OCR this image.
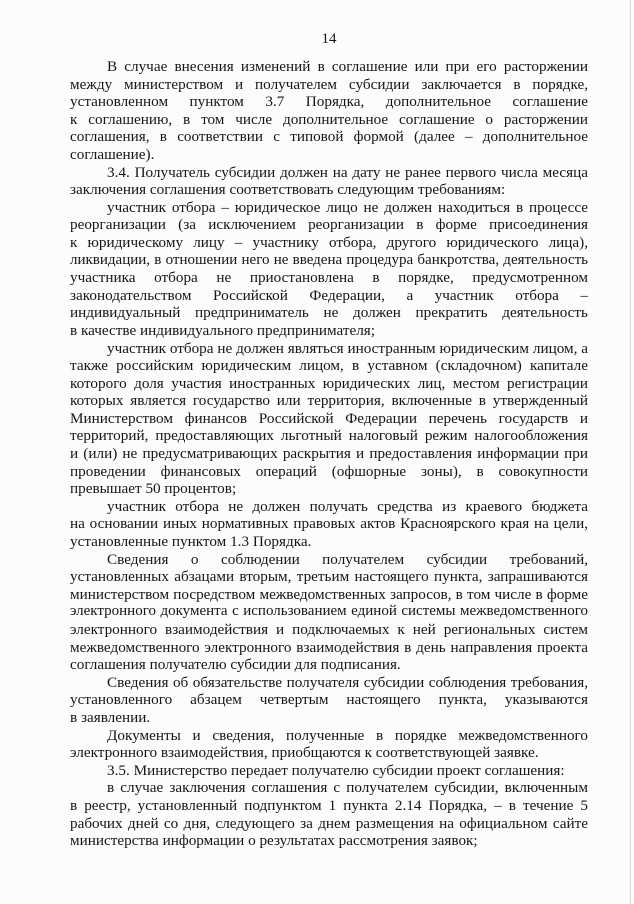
14
В случае внесения изменений в соглашение или при его расторжении
между министерством и получателем субсидии заключается в порядке,
установленном пунктом 3.7 Порядка, дополнительное соглашение
к соглашению, в том числе дополнительное соглашение о расторжении
соглашения, в соответствии с типовой формой (далее – дополнительное
соглашение).
3.4. Получатель субсидии должен на дату не ранее первого числа месяца
заключения соглашения соответствовать следующим требованиям:
участник отбора – юридическое лицо не должен находиться в процессе
реорганизации (за исключением реорганизации в форме присоединения
к юридическому лицу – участнику отбора, другого юридического лица),
ликвидации, в отношении него не введена процедура банкротства, деятельность
участника отбора не приостановлена в порядке, предусмотренном
законодательством Российской Федерации, а участник отбора –
индивидуальный предприниматель не должен прекратить деятельность
в качестве индивидуального предпринимателя;
участник отбора не должен являться иностранным юридическим лицом, а
также российским юридическим лицом, в уставном (складочном) капитале
которого доля участия иностранных юридических лиц, местом регистрации
которых является государство или территория, включенные в утвержденный
Министерством финансов Российской Федерации перечень государств и
территорий, предоставляющих льготный налоговый режим налогообложения
и (или) не предусматривающих раскрытия и предоставления информации при
проведении финансовых операций (офшорные зоны), в совокупности
превышает 50 процентов;
участник отбора не должен получать средства из краевого бюджета
на основании иных нормативных правовых актов Красноярского края на цели,
установленные пунктом 1.3 Порядка.
Сведения о соблюдении получателем субсидии требований,
установленных абзацами вторым, третьим настоящего пункта, запрашиваются
министерством посредством межведомственных запросов, в том числе в форме
электронного документа с использованием единой системы межведомственного
электронного взаимодействия и подключаемых к ней региональных систем
межведомственного электронного взаимодействия в день направления проекта
соглашения получателю субсидии для подписания.
Сведения об обязательстве получателя субсидии соблюдения требования,
установленного абзацем четвертым настоящего пункта, указываются
в заявлении.
Документы и сведения, полученные в порядке межведомственного
электронного взаимодействия, приобщаются к соответствующей заявке.
3.5. Министерство передает получателю субсидии проект соглашения:
в случае заключения соглашения с получателем субсидии, включенным
в реестр, установленный подпунктом 1 пункта 2.14 Порядка, – в течение 5
рабочих дней со дня, следующего за днем размещения на официальном сайте
министерства информации о результатах рассмотрения заявок;
